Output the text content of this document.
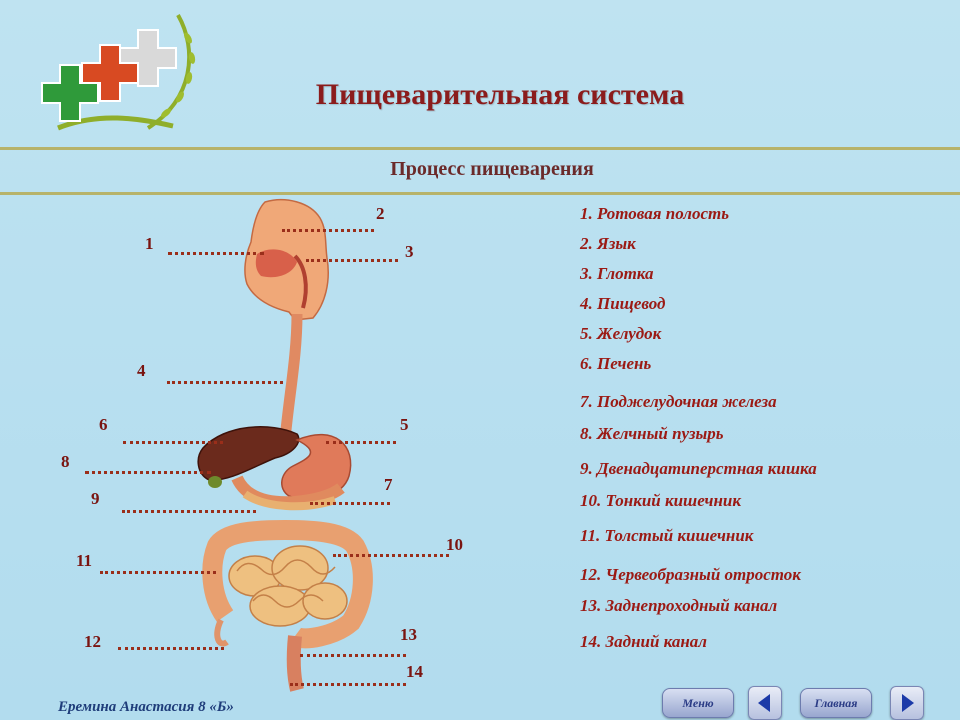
Пищеварительная система
Процесс пищеварения
1
2
3
4
5
6
7
8
9
10
11
12	13
14
1. Ротовая полость
2. Язык
3. Глотка
4. Пищевод
5. Желудок
6. Печень
7. Поджелудочная железа
8. Желчный пузырь
9. Двенадцатиперстная кишка
10. Тонкий кишечник
11. Толстый кишечник
12. Червеобразный отросток
13. Заднепроходный канал
14. Задний канал
Еремина Анастасия 8 «Б»	Меню	Главная
